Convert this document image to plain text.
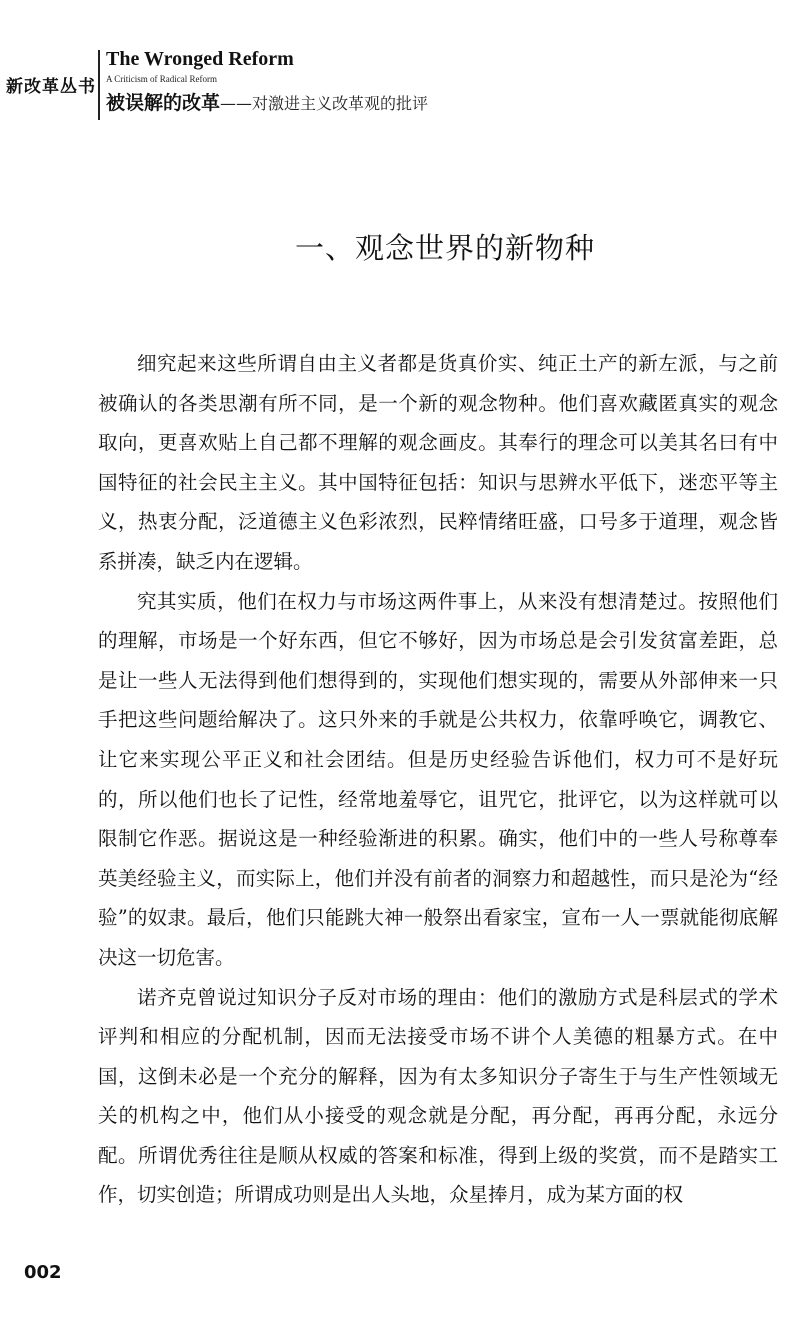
新改革丛书
The Wronged Reform
A Criticism of Radical Reform
被误解的改革——对激进主义改革观的批评
一、观念世界的新物种

细究起来这些所谓自由主义者都是货真价实、纯正土产的新左派，与之前被确认的各类思潮有所不同，是一个新的观念物种。他们喜欢藏匿真实的观念取向，更喜欢贴上自己都不理解的观念画皮。其奉行的理念可以美其名曰有中国特征的社会民主主义。其中国特征包括：知识与思辨水平低下，迷恋平等主义，热衷分配，泛道德主义色彩浓烈，民粹情绪旺盛，口号多于道理，观念皆系拼凑，缺乏内在逻辑。

究其实质，他们在权力与市场这两件事上，从来没有想清楚过。按照他们的理解，市场是一个好东西，但它不够好，因为市场总是会引发贫富差距，总是让一些人无法得到他们想得到的，实现他们想实现的，需要从外部伸来一只手把这些问题给解决了。这只外来的手就是公共权力，依靠呼唤它，调教它、让它来实现公平正义和社会团结。但是历史经验告诉他们，权力可不是好玩的，所以他们也长了记性，经常地羞辱它，诅咒它，批评它，以为这样就可以限制它作恶。据说这是一种经验渐进的积累。确实，他们中的一些人号称尊奉英美经验主义，而实际上，他们并没有前者的洞察力和超越性，而只是沦为“经验”的奴隶。最后，他们只能跳大神一般祭出看家宝，宣布一人一票就能彻底解决这一切危害。

诺齐克曾说过知识分子反对市场的理由：他们的激励方式是科层式的学术评判和相应的分配机制，因而无法接受市场不讲个人美德的粗暴方式。在中国，这倒未必是一个充分的解释，因为有太多知识分子寄生于与生产性领域无关的机构之中，他们从小接受的观念就是分配，再分配，再再分配，永远分配。所谓优秀往往是顺从权威的答案和标准，得到上级的奖赏，而不是踏实工作，切实创造；所谓成功则是出人头地，众星捧月，成为某方面的权

002
